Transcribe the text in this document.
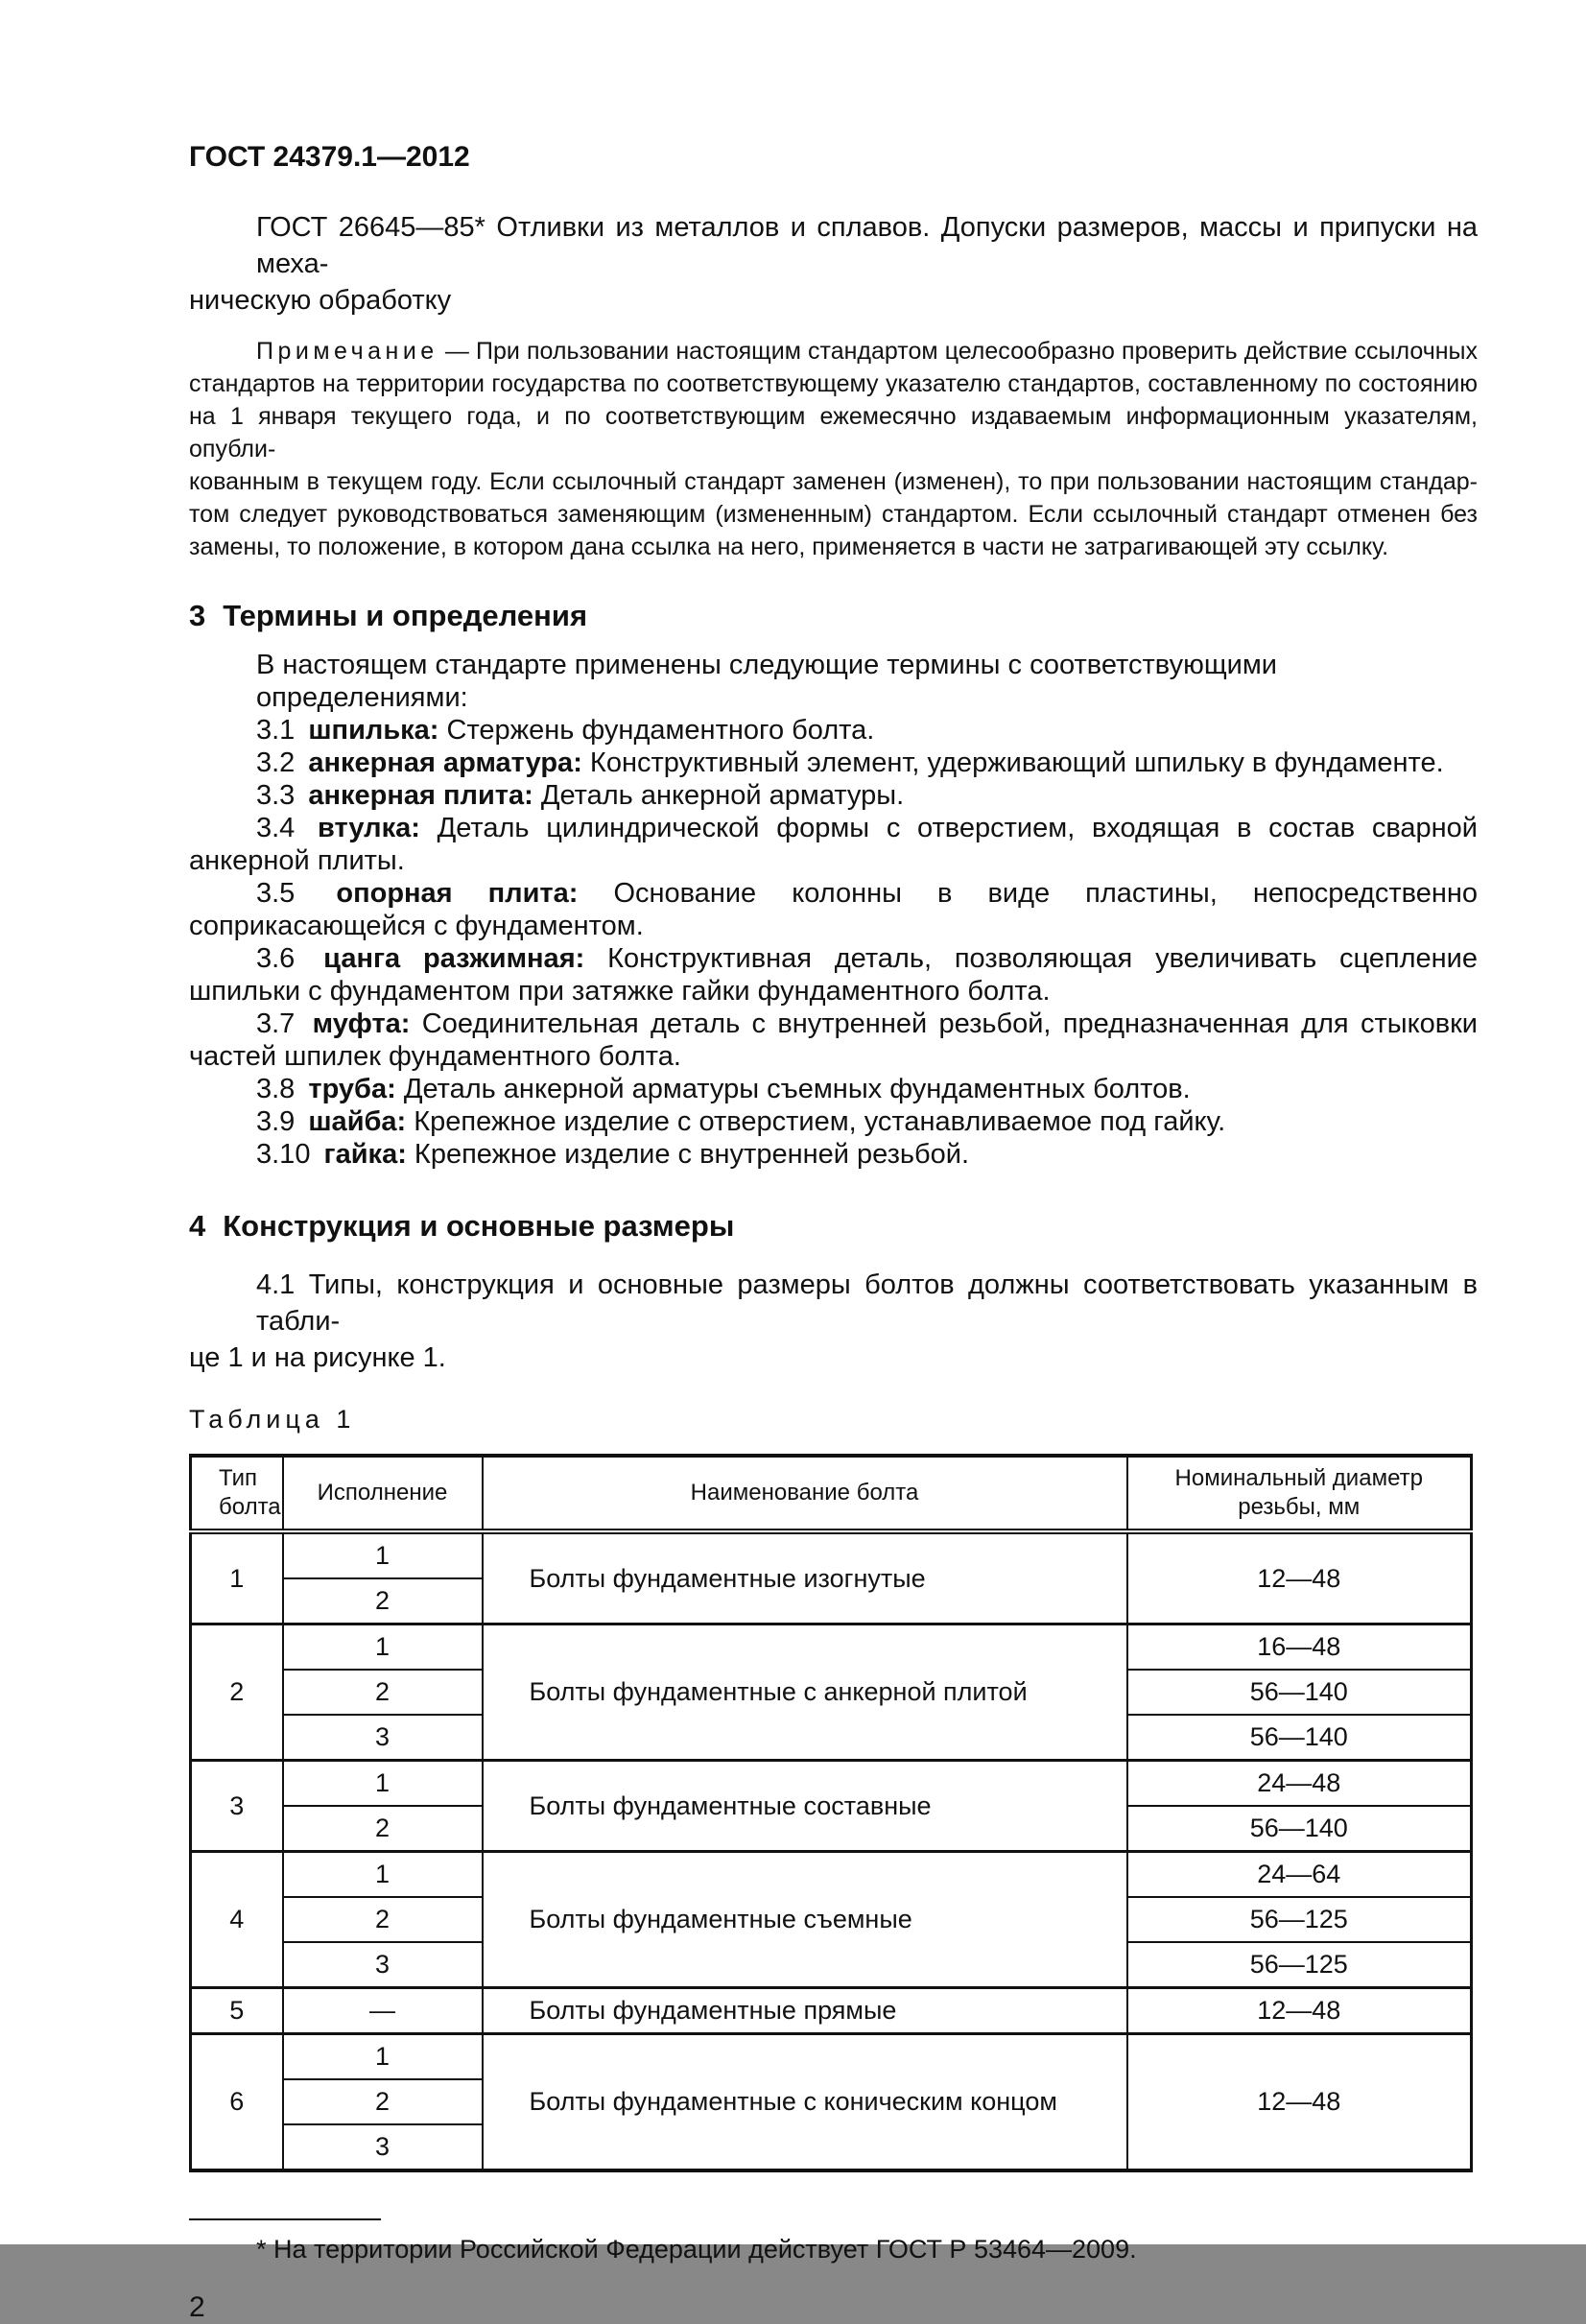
ГОСТ 24379.1—2012
ГОСТ 26645—85* Отливки из металлов и сплавов. Допуски размеров, массы и припуски на меха-
ническую обработку
Примечание — При пользовании настоящим стандартом целесообразно проверить действие ссылочных
стандартов на территории государства по соответствующему указателю стандартов, составленному по состоянию
на 1 января текущего года, и по соответствующим ежемесячно издаваемым информационным указателям, опубли-
кованным в текущем году. Если ссылочный стандарт заменен (изменен), то при пользовании настоящим стандар-
том следует руководствоваться заменяющим (измененным) стандартом. Если ссылочный стандарт отменен без
замены, то положение, в котором дана ссылка на него, применяется в части не затрагивающей эту ссылку.
3 Термины и определения
В настоящем стандарте применены следующие термины с соответствующими определениями:

3.1 шпилька: Стержень фундаментного болта.

3.2 анкерная арматура: Конструктивный элемент, удерживающий шпильку в фундаменте.

3.3 анкерная плита: Деталь анкерной арматуры.

3.4 втулка: Деталь цилиндрической формы с отверстием, входящая в состав сварной анкерной плиты.

3.5 опорная плита: Основание колонны в виде пластины, непосредственно соприкасающейся с фундаментом.

3.6 цанга разжимная: Конструктивная деталь, позволяющая увеличивать сцепление шпильки с фундаментом при затяжке гайки фундаментного болта.

3.7 муфта: Соединительная деталь с внутренней резьбой, предназначенная для стыковки частей шпилек фундаментного болта.

3.8 труба: Деталь анкерной арматуры съемных фундаментных болтов.

3.9 шайба: Крепежное изделие с отверстием, устанавливаемое под гайку.

3.10 гайка: Крепежное изделие с внутренней резьбой.

4 Конструкция и основные размеры
4.1 Типы, конструкция и основные размеры болтов должны соответствовать указанным в табли-
це 1 и на рисунке 1.
Таблица 1
Тип болта	Исполнение	Наименование болта	Номинальный диаметр резьбы, мм
1	1	Болты фундаментные изогнутые	12—48
	2		
2	1	Болты фундаментные с анкерной плитой	16—48
	2		56—140
	3		56—140
3	1	Болты фундаментные составные	24—48
	2		56—140
4	1	Болты фундаментные съемные	24—64
	2		56—125
	3		56—125
5	—	Болты фундаментные прямые	12—48
6	1	Болты фундаментные с коническим концом	12—48
	2		
	3		
* На территории Российской Федерации действует ГОСТ Р 53464—2009.
2
